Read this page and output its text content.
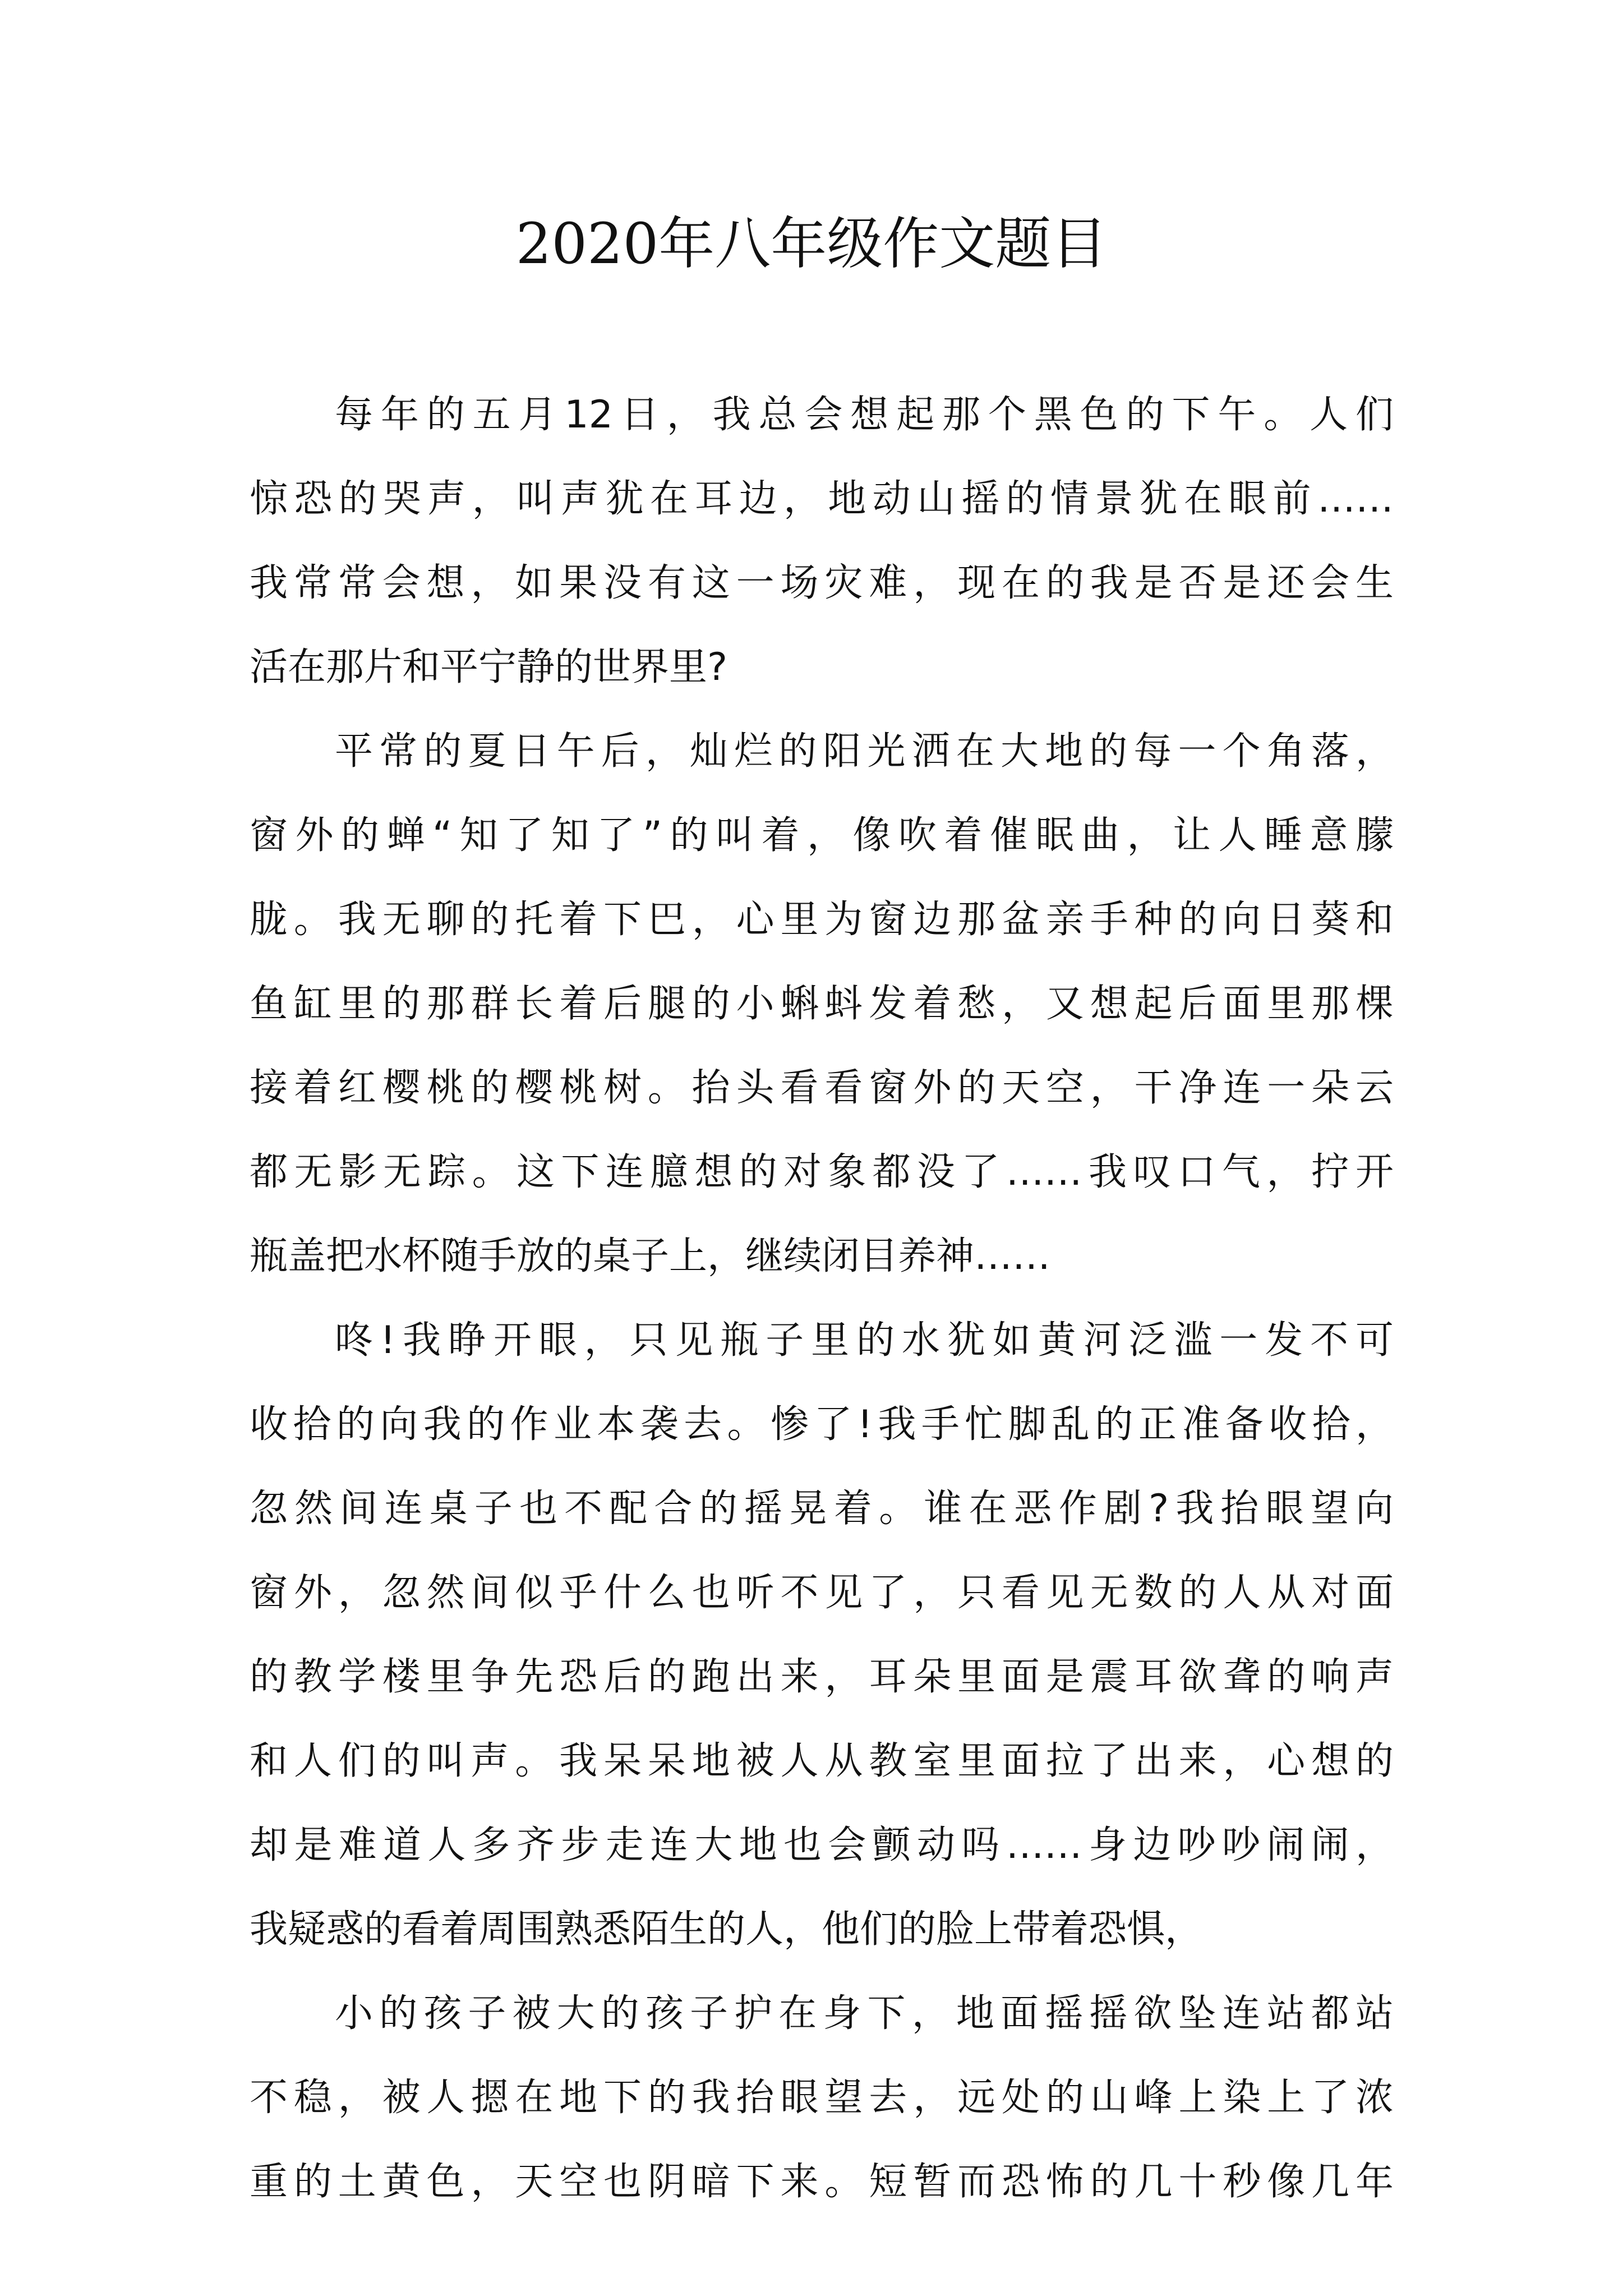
2020年八年级作文题目
每年的五月12日，我总会想起那个黑色的下午。人们
惊恐的哭声，叫声犹在耳边，地动山摇的情景犹在眼前……
我常常会想，如果没有这一场灾难，现在的我是否是还会生
活在那片和平宁静的世界里?
平常的夏日午后，灿烂的阳光洒在大地的每一个角落，
窗外的蝉“知了知了”的叫着，像吹着催眠曲，让人睡意朦
胧。我无聊的托着下巴，心里为窗边那盆亲手种的向日葵和
鱼缸里的那群长着后腿的小蝌蚪发着愁，又想起后面里那棵
接着红樱桃的樱桃树。抬头看看窗外的天空，干净连一朵云
都无影无踪。这下连臆想的对象都没了……我叹口气，拧开
瓶盖把水杯随手放的桌子上，继续闭目养神……
咚!我睁开眼，只见瓶子里的水犹如黄河泛滥一发不可
收拾的向我的作业本袭去。惨了!我手忙脚乱的正准备收拾，
忽然间连桌子也不配合的摇晃着。谁在恶作剧?我抬眼望向
窗外，忽然间似乎什么也听不见了，只看见无数的人从对面
的教学楼里争先恐后的跑出来，耳朵里面是震耳欲聋的响声
和人们的叫声。我呆呆地被人从教室里面拉了出来，心想的
却是难道人多齐步走连大地也会颤动吗……身边吵吵闹闹，
我疑惑的看着周围熟悉陌生的人，他们的脸上带着恐惧，
小的孩子被大的孩子护在身下，地面摇摇欲坠连站都站
不稳，被人摁在地下的我抬眼望去，远处的山峰上染上了浓
重的土黄色，天空也阴暗下来。短暂而恐怖的几十秒像几年
